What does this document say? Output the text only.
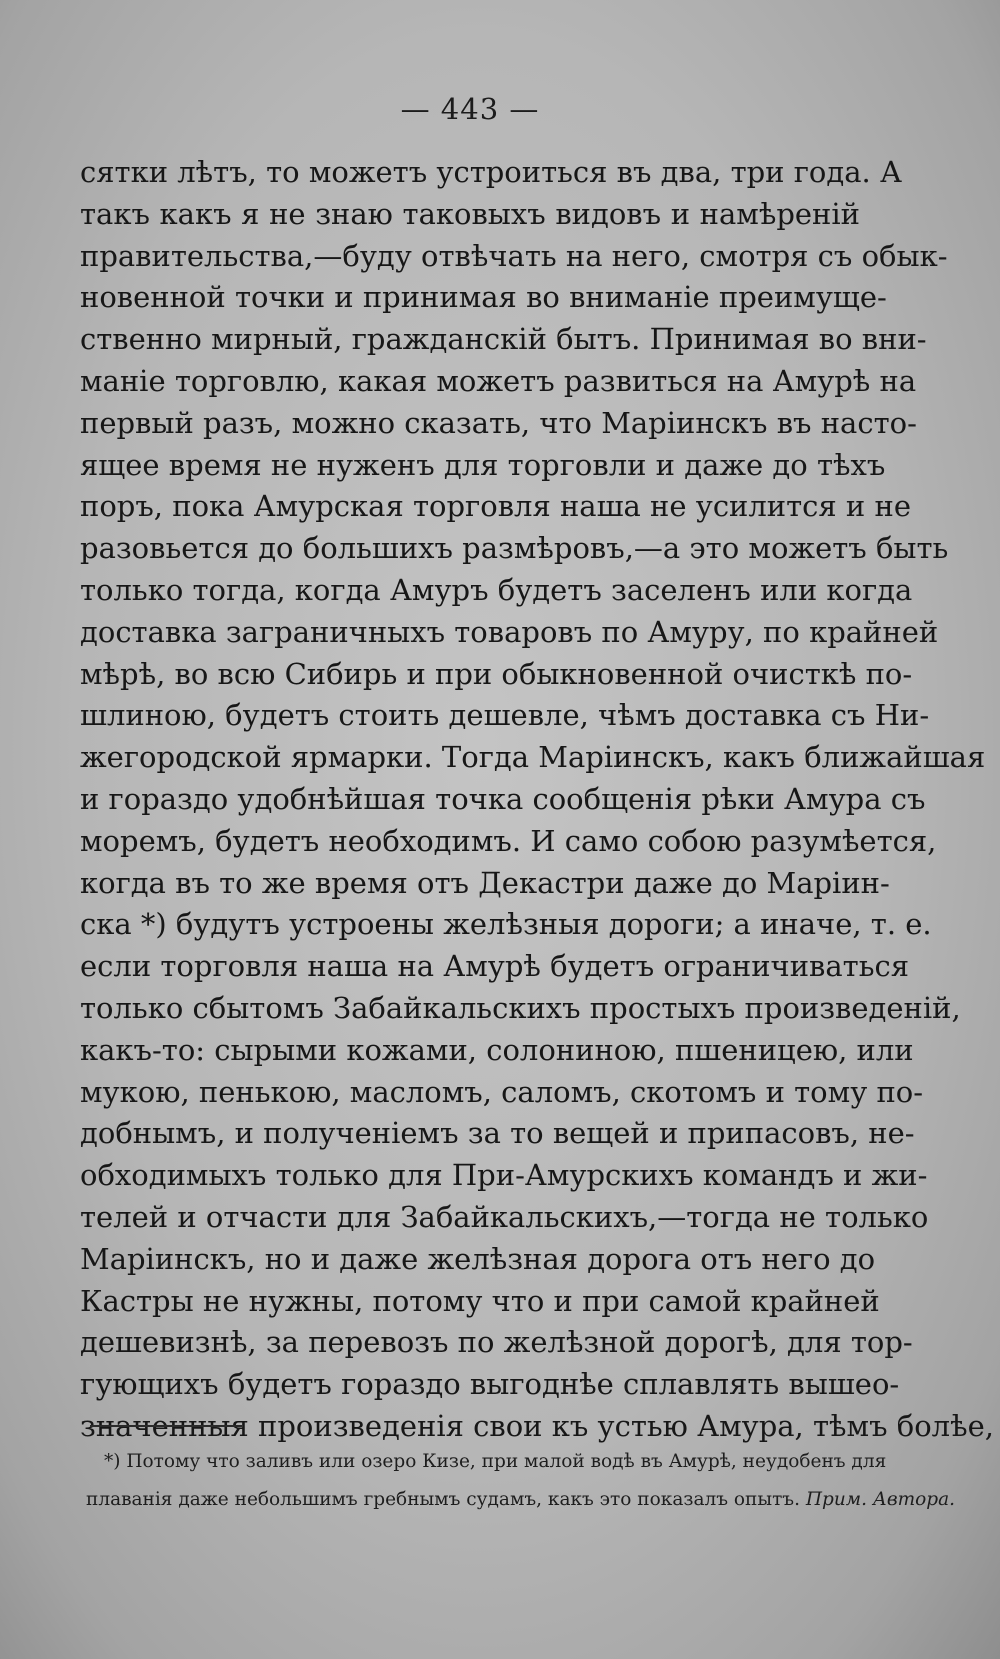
— 443 —
сятки лѣтъ, то можетъ устроиться въ два, три года. А
такъ какъ я не знаю таковыхъ видовъ и намѣренiй
правительства,—буду отвѣчать на него, смотря съ обык-
новенной точки и принимая во вниманiе преимуще-
ственно мирный, гражданскiй бытъ. Принимая во вни-
манiе торговлю, какая можетъ развиться на Амурѣ на
первый разъ, можно сказать, что Марiинскъ въ насто-
ящее время не нуженъ для торговли и даже до тѣхъ
поръ, пока Амурская торговля наша не усилится и не
разовьется до большихъ размѣровъ,—а это можетъ быть
только тогда, когда Амуръ будетъ заселенъ или когда
доставка заграничныхъ товаровъ по Амуру, по крайней
мѣрѣ, во всю Сибирь и при обыкновенной очисткѣ по-
шлиною, будетъ стоить дешевле, чѣмъ доставка съ Ни-
жегородской ярмарки. Тогда Марiинскъ, какъ ближайшая
и гораздо удобнѣйшая точка сообщенiя рѣки Амура съ
моремъ, будетъ необходимъ. И само собою разумѣется,
когда въ то же время отъ Декастри даже до Марiин-
ска *) будутъ устроены желѣзныя дороги; а иначе, т. е.
если торговля наша на Амурѣ будетъ ограничиваться
только сбытомъ Забайкальскихъ простыхъ произведенiй,
какъ-то: сырыми кожами, солониною, пшеницею, или
мукою, пенькою, масломъ, саломъ, скотомъ и тому по-
добнымъ, и полученiемъ за то вещей и припасовъ, не-
обходимыхъ только для При-Амурскихъ командъ и жи-
телей и отчасти для Забайкальскихъ,—тогда не только
Марiинскъ, но и даже желѣзная дорога отъ него до
Кастры не нужны, потому что и при самой крайней
дешевизнѣ, за перевозъ по желѣзной дорогѣ, для тор-
гующихъ будетъ гораздо выгоднѣе сплавлять вышео-
значенныя произведенiя свои къ устью Амура, тѣмъ болѣе,
*) Потому что заливъ или озеро Кизе, при малой водѣ въ Амурѣ, неудобенъ для
плаванiя даже небольшимъ гребнымъ судамъ, какъ это показалъ опытъ. Прим. Автора.
